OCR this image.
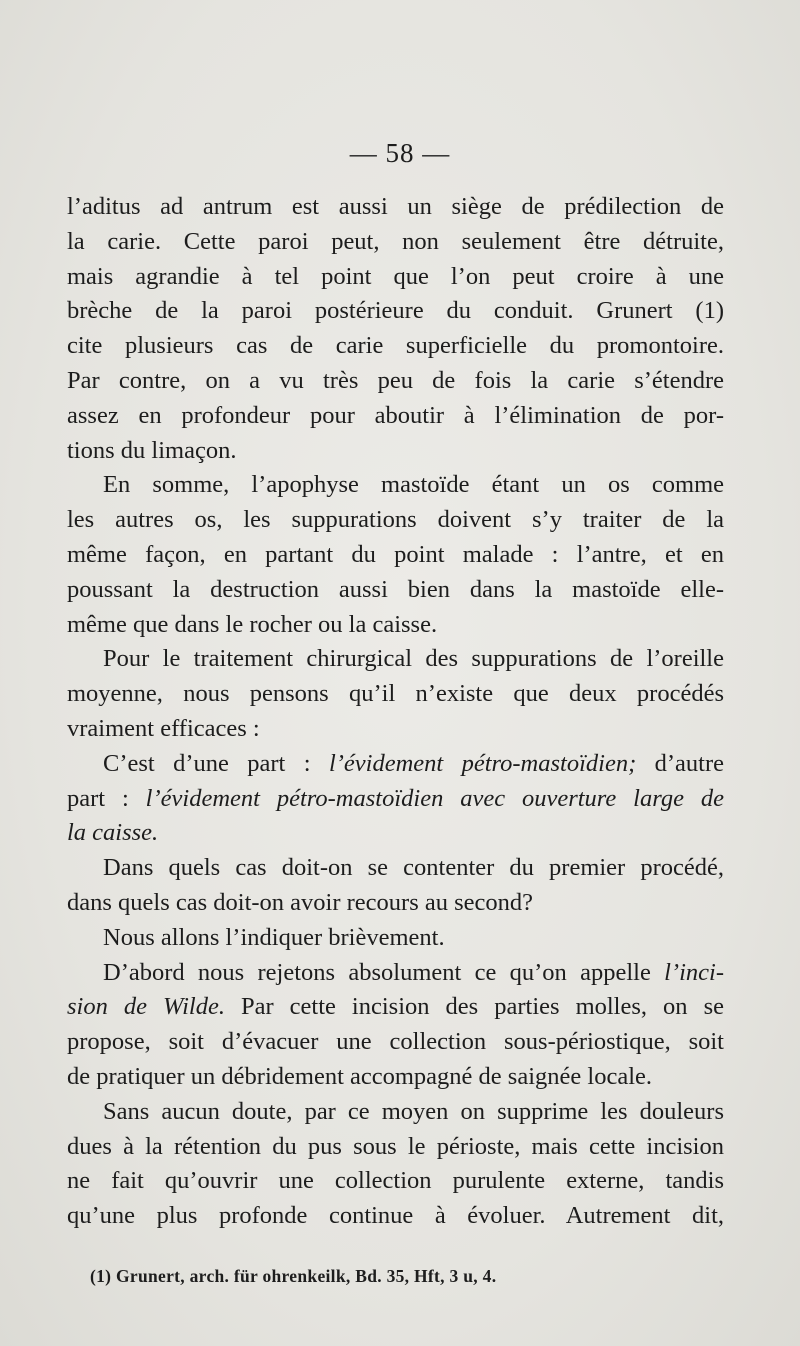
— 58 —

l’aditus ad antrum est aussi un siège de prédilection de

la carie. Cette paroi peut, non seulement être détruite,

mais agrandie à tel point que l’on peut croire à une

brèche de la paroi postérieure du conduit. Grunert (1)

cite plusieurs cas de carie superficielle du promontoire.

Par contre, on a vu très peu de fois la carie s’étendre

assez en profondeur pour aboutir à l’élimination de por-

tions du limaçon.

En somme, l’apophyse mastoïde étant un os comme

les autres os, les suppurations doivent s’y traiter de la

même façon, en partant du point malade : l’antre, et en

poussant la destruction aussi bien dans la mastoïde elle-

même que dans le rocher ou la caisse.

Pour le traitement chirurgical des suppurations de l’oreille

moyenne, nous pensons qu’il n’existe que deux procédés

vraiment efficaces :

C’est d’une part : l’évidement pétro-mastoïdien; d’autre

part : l’évidement pétro-mastoïdien avec ouverture large de

la caisse.

Dans quels cas doit-on se contenter du premier procédé,

dans quels cas doit-on avoir recours au second?

Nous allons l’indiquer brièvement.

D’abord nous rejetons absolument ce qu’on appelle l’inci-

sion de Wilde. Par cette incision des parties molles, on se

propose, soit d’évacuer une collection sous-périostique, soit

de pratiquer un débridement accompagné de saignée locale.

Sans aucun doute, par ce moyen on supprime les douleurs

dues à la rétention du pus sous le périoste, mais cette incision

ne fait qu’ouvrir une collection purulente externe, tandis

qu’une plus profonde continue à évoluer. Autrement dit,

(1) Grunert, arch. für ohrenkeilk, Bd. 35, Hft, 3 u, 4.
